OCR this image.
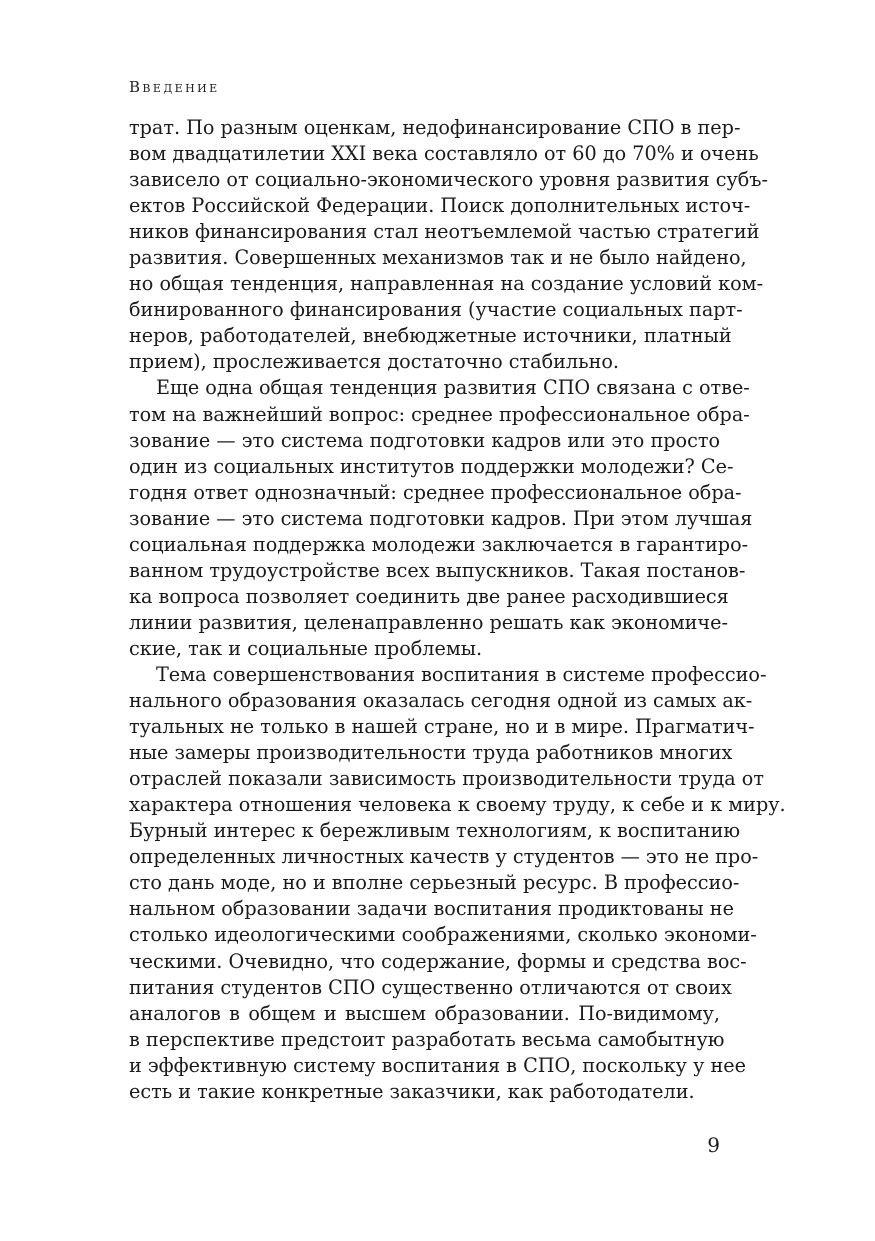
Введение
трат. По разным оценкам, недофинансирование СПО в пер-
вом двадцатилетии XXI века составляло от 60 до 70% и очень
зависело от социально-экономического уровня развития субъ-
ектов Российской Федерации. Поиск дополнительных источ-
ников финансирования стал неотъемлемой частью стратегий
развития. Совершенных механизмов так и не было найдено,
но общая тенденция, направленная на создание условий ком-
бинированного финансирования (участие социальных парт-
неров, работодателей, внебюджетные источники, платный
прием), прослеживается достаточно стабильно.
Еще одна общая тенденция развития СПО связана с отве-
том на важнейший вопрос: среднее профессиональное обра-
зование — это система подготовки кадров или это просто
один из социальных институтов поддержки молодежи? Се-
годня ответ однозначный: среднее профессиональное обра-
зование — это система подготовки кадров. При этом лучшая
социальная поддержка молодежи заключается в гарантиро-
ванном трудоустройстве всех выпускников. Такая постанов-
ка вопроса позволяет соединить две ранее расходившиеся
линии развития, целенаправленно решать как экономиче-
ские, так и социальные проблемы.
Тема совершенствования воспитания в системе профессио-
нального образования оказалась сегодня одной из самых ак-
туальных не только в нашей стране, но и в мире. Прагматич-
ные замеры производительности труда работников многих
отраслей показали зависимость производительности труда от
характера отношения человека к своему труду, к себе и к миру.
Бурный интерес к бережливым технологиям, к воспитанию
определенных личностных качеств у студентов — это не про-
сто дань моде, но и вполне серьезный ресурс. В профессио-
нальном образовании задачи воспитания продиктованы не
столько идеологическими соображениями, сколько экономи-
ческими. Очевидно, что содержание, формы и средства вос-
питания студентов СПО существенно отличаются от своих
аналогов в общем и высшем образовании. По-видимому,
в перспективе предстоит разработать весьма самобытную
и эффективную систему воспитания в СПО, поскольку у нее
есть и такие конкретные заказчики, как работодатели.
9
